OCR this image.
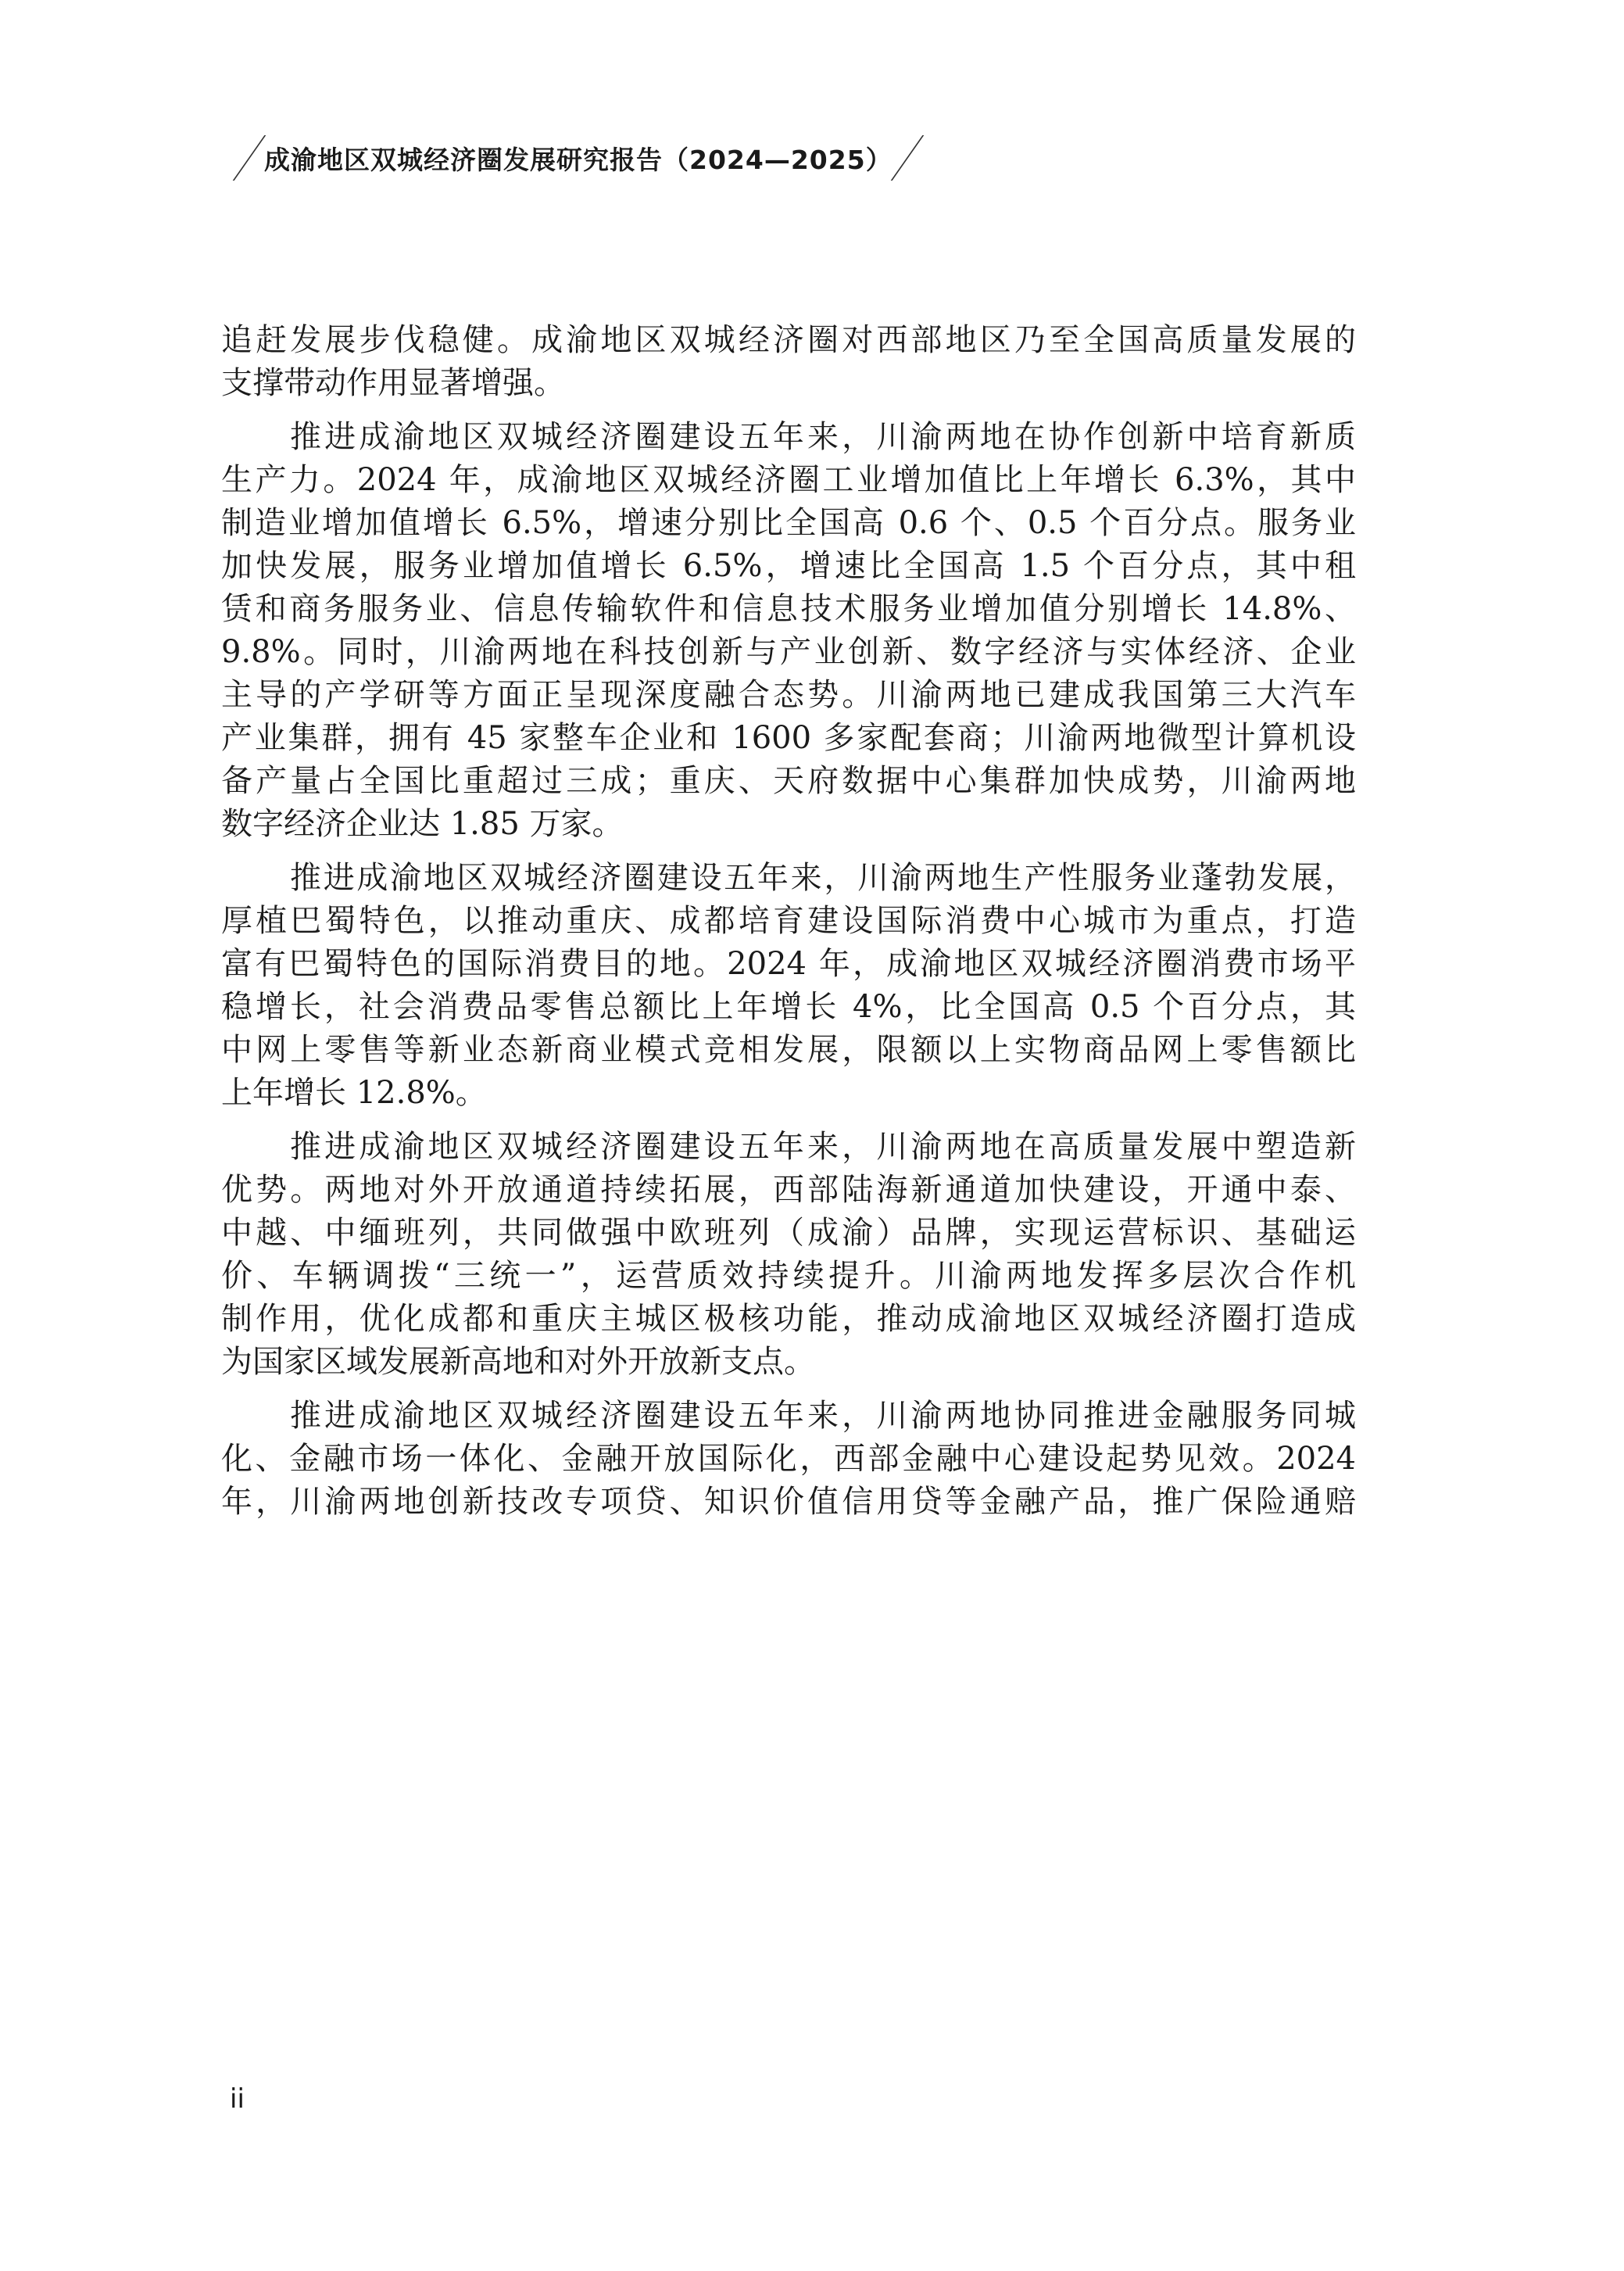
成渝地区双城经济圈发展研究报告（2024—2025）
追赶发展步伐稳健。成渝地区双城经济圈对西部地区乃至全国高质量发展的
支撑带动作用显著增强。
推进成渝地区双城经济圈建设五年来，川渝两地在协作创新中培育新质
生产力。2024 年，成渝地区双城经济圈工业增加值比上年增长 6.3%，其中
制造业增加值增长 6.5%，增速分别比全国高 0.6 个、0.5 个百分点。服务业
加快发展，服务业增加值增长 6.5%，增速比全国高 1.5 个百分点，其中租
赁和商务服务业、信息传输软件和信息技术服务业增加值分别增长 14.8%、
9.8%。同时，川渝两地在科技创新与产业创新、数字经济与实体经济、企业
主导的产学研等方面正呈现深度融合态势。川渝两地已建成我国第三大汽车
产业集群，拥有 45 家整车企业和 1600 多家配套商；川渝两地微型计算机设
备产量占全国比重超过三成；重庆、天府数据中心集群加快成势，川渝两地
数字经济企业达 1.85 万家。
推进成渝地区双城经济圈建设五年来，川渝两地生产性服务业蓬勃发展，
厚植巴蜀特色，以推动重庆、成都培育建设国际消费中心城市为重点，打造
富有巴蜀特色的国际消费目的地。2024 年，成渝地区双城经济圈消费市场平
稳增长，社会消费品零售总额比上年增长 4%，比全国高 0.5 个百分点，其
中网上零售等新业态新商业模式竞相发展，限额以上实物商品网上零售额比
上年增长 12.8%。
推进成渝地区双城经济圈建设五年来，川渝两地在高质量发展中塑造新
优势。两地对外开放通道持续拓展，西部陆海新通道加快建设，开通中泰、
中越、中缅班列，共同做强中欧班列（成渝）品牌，实现运营标识、基础运
价、车辆调拨“三统一”，运营质效持续提升。川渝两地发挥多层次合作机
制作用，优化成都和重庆主城区极核功能，推动成渝地区双城经济圈打造成
为国家区域发展新高地和对外开放新支点。
推进成渝地区双城经济圈建设五年来，川渝两地协同推进金融服务同城
化、金融市场一体化、金融开放国际化，西部金融中心建设起势见效。2024
年，川渝两地创新技改专项贷、知识价值信用贷等金融产品，推广保险通赔
ii
